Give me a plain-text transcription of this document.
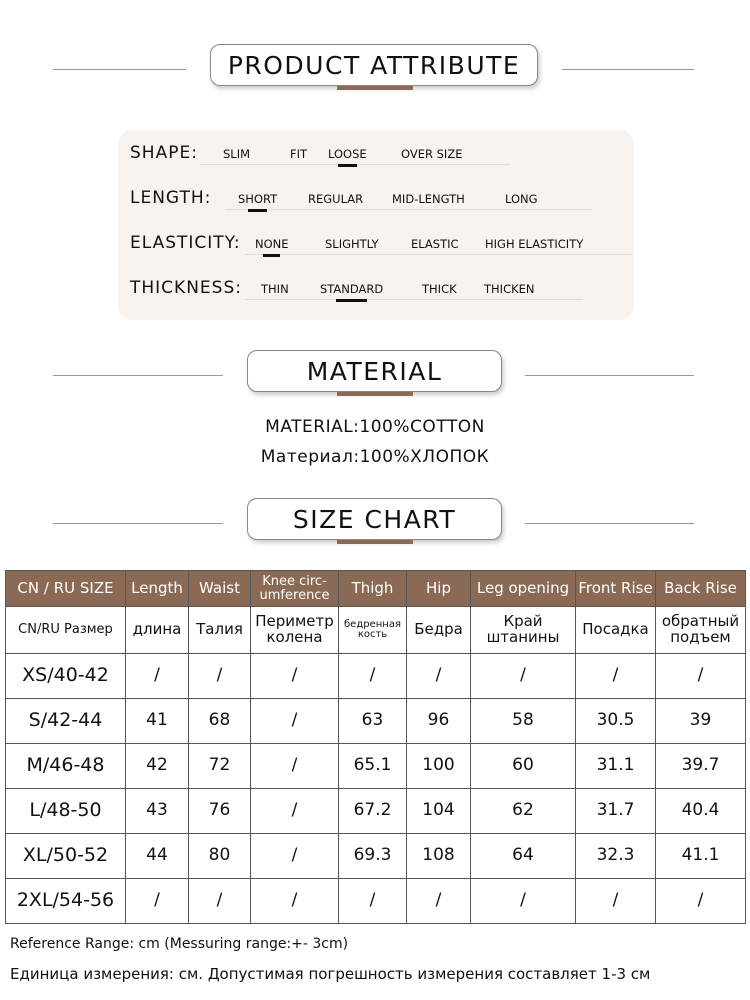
PRODUCT ATTRIBUTE
SHAPE: SLIM	FIT LOOSE	OVER SIZE
LENGTH: SHORT	REGULAR	MID-LENGTH	LONG
ELASTICITY: NONE	SLIGHTLY	ELASTIC HIGH ELASTICITY
THICKNESS: THIN	STANDARD	THICK THICKEN
MATERIAL
MATERIAL:100%COTTON
Материал:100%ХЛОПОК
SIZE CHART
CN / RU SIZE	Length	Waist	Knee circ-umference	Thigh	Hip	Leg opening	Front Rise	Back Rise
CN/RU Размер	длина	Талия	Периметр колена	бедренная кость	Бедра	Край штанины	Посадка	обратный подъем
XS/40-42	/	/	/	/	/	/	/	/
S/42-44	41	68	/	63	96	58	30.5	39
M/46-48	42	72	/	65.1	100	60	31.1	39.7
L/48-50	43	76	/	67.2	104	62	31.7	40.4
XL/50-52	44	80	/	69.3	108	64	32.3	41.1
2XL/54-56	/	/	/	/	/	/	/	/
Reference Range: cm (Messuring range:+- 3cm)
Единица измерения: см. Допустимая погрешность измерения составляет 1-3 см
